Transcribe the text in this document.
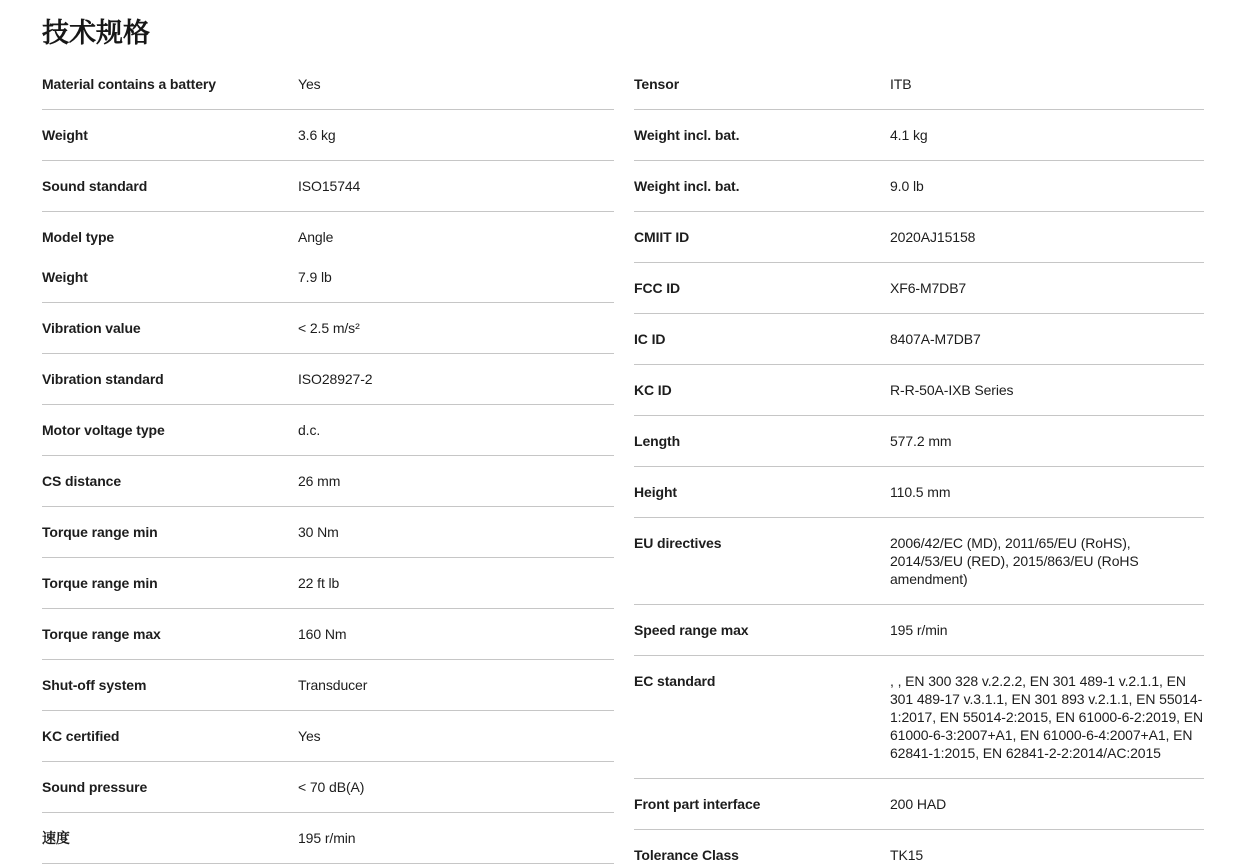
技术规格
Material contains a battery	Yes
Weight	3.6 kg
Sound standard	ISO15744
Model type	Angle
Weight	7.9 lb
Vibration value	< 2.5 m/s²
Vibration standard	ISO28927-2
Motor voltage type	d.c.
CS distance	26 mm
Torque range min	30 Nm
Torque range min	22 ft lb
Torque range max	160 Nm
Shut-off system	Transducer
KC certified	Yes
Sound pressure	< 70 dB(A)
速度	195 r/min
Tensor	ITB
Weight incl. bat.	4.1 kg
Weight incl. bat.	9.0 lb
CMIIT ID	2020AJ15158
FCC ID	XF6-M7DB7
IC ID	8407A-M7DB7
KC ID	R-R-50A-IXB Series
Length	577.2 mm
Height	110.5 mm
EU directives	2006/42/EC (MD), 2011/65/EU (RoHS), 2014/53/EU (RED), 2015/863/EU (RoHS amendment)
Speed range max	195 r/min
EC standard	, , EN 300 328 v.2.2.2, EN 301 489-1 v.2.1.1, EN 301 489-17 v.3.1.1, EN 301 893 v.2.1.1, EN 55014-1:2017, EN 55014-2:2015, EN 61000-6-2:2019, EN 61000-6-3:2007+A1, EN 61000-6-4:2007+A1, EN 62841-1:2015, EN 62841-2-2:2014/AC:2015
Front part interface	200 HAD
Tolerance Class	TK15
